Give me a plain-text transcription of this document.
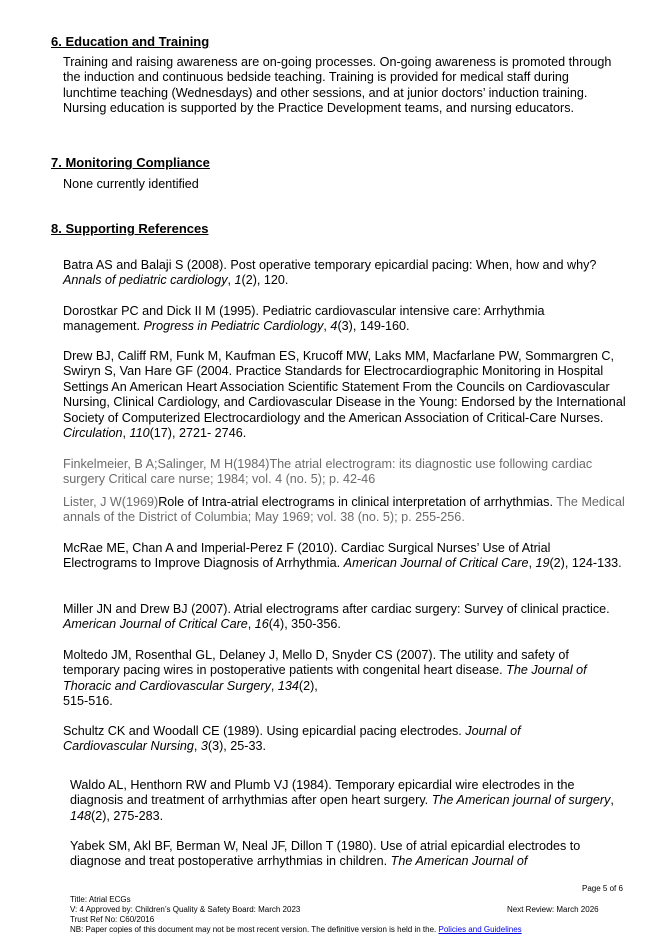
6. Education and Training
Training and raising awareness are on-going processes. On-going awareness is promoted through the induction and continuous bedside teaching. Training is provided for medical staff during lunchtime teaching (Wednesdays) and other sessions, and at junior doctors’ induction training. Nursing education is supported by the Practice Development teams, and nursing educators.
7. Monitoring Compliance
None currently identified
8. Supporting References
Batra AS and Balaji S (2008). Post operative temporary epicardial pacing: When, how and why? Annals of pediatric cardiology, 1(2), 120.
Dorostkar PC and Dick II M (1995). Pediatric cardiovascular intensive care: Arrhythmia management. Progress in Pediatric Cardiology, 4(3), 149-160.
Drew BJ, Califf RM, Funk M, Kaufman ES, Krucoff MW, Laks MM, Macfarlane PW, Sommargren C, Swiryn S, Van Hare GF (2004. Practice Standards for Electrocardiographic Monitoring in Hospital Settings An American Heart Association Scientific Statement From the Councils on Cardiovascular Nursing, Clinical Cardiology, and Cardiovascular Disease in the Young: Endorsed by the International Society of Computerized Electrocardiology and the American Association of Critical-Care Nurses. Circulation, 110(17), 2721- 2746.
Finkelmeier, B A;Salinger, M H(1984)The atrial electrogram: its diagnostic use following cardiac surgery Critical care nurse; 1984; vol. 4 (no. 5); p. 42-46
Lister, J W(1969)Role of Intra-atrial electrograms in clinical interpretation of arrhythmias. The Medical annals of the District of Columbia; May 1969; vol. 38 (no. 5); p. 255-256.
McRae ME, Chan A and Imperial-Perez F (2010). Cardiac Surgical Nurses’ Use of Atrial Electrograms to Improve Diagnosis of Arrhythmia. American Journal of Critical Care, 19(2), 124-133.
Miller JN and Drew BJ (2007). Atrial electrograms after cardiac surgery: Survey of clinical practice. American Journal of Critical Care, 16(4), 350-356.
Moltedo JM, Rosenthal GL, Delaney J, Mello D, Snyder CS (2007). The utility and safety of temporary pacing wires in postoperative patients with congenital heart disease. The Journal of Thoracic and Cardiovascular Surgery, 134(2),
515-516.
Schultz CK and Woodall CE (1989). Using epicardial pacing electrodes. Journal of Cardiovascular Nursing, 3(3), 25-33.
Waldo AL, Henthorn RW and Plumb VJ (1984). Temporary epicardial wire electrodes in the diagnosis and treatment of arrhythmias after open heart surgery. The American journal of surgery, 148(2), 275-283.
Yabek SM, Akl BF, Berman W, Neal JF, Dillon T (1980). Use of atrial epicardial electrodes to diagnose and treat postoperative arrhythmias in children. The American Journal of
Page 5 of 6
Title: Atrial ECGs
V: 4 Approved by: Children’s Quality & Safety Board: March 2023	Next Review: March 2026
Trust Ref No: C60/2016
NB: Paper copies of this document may not be most recent version. The definitive version is held in the. Policies and Guidelines
